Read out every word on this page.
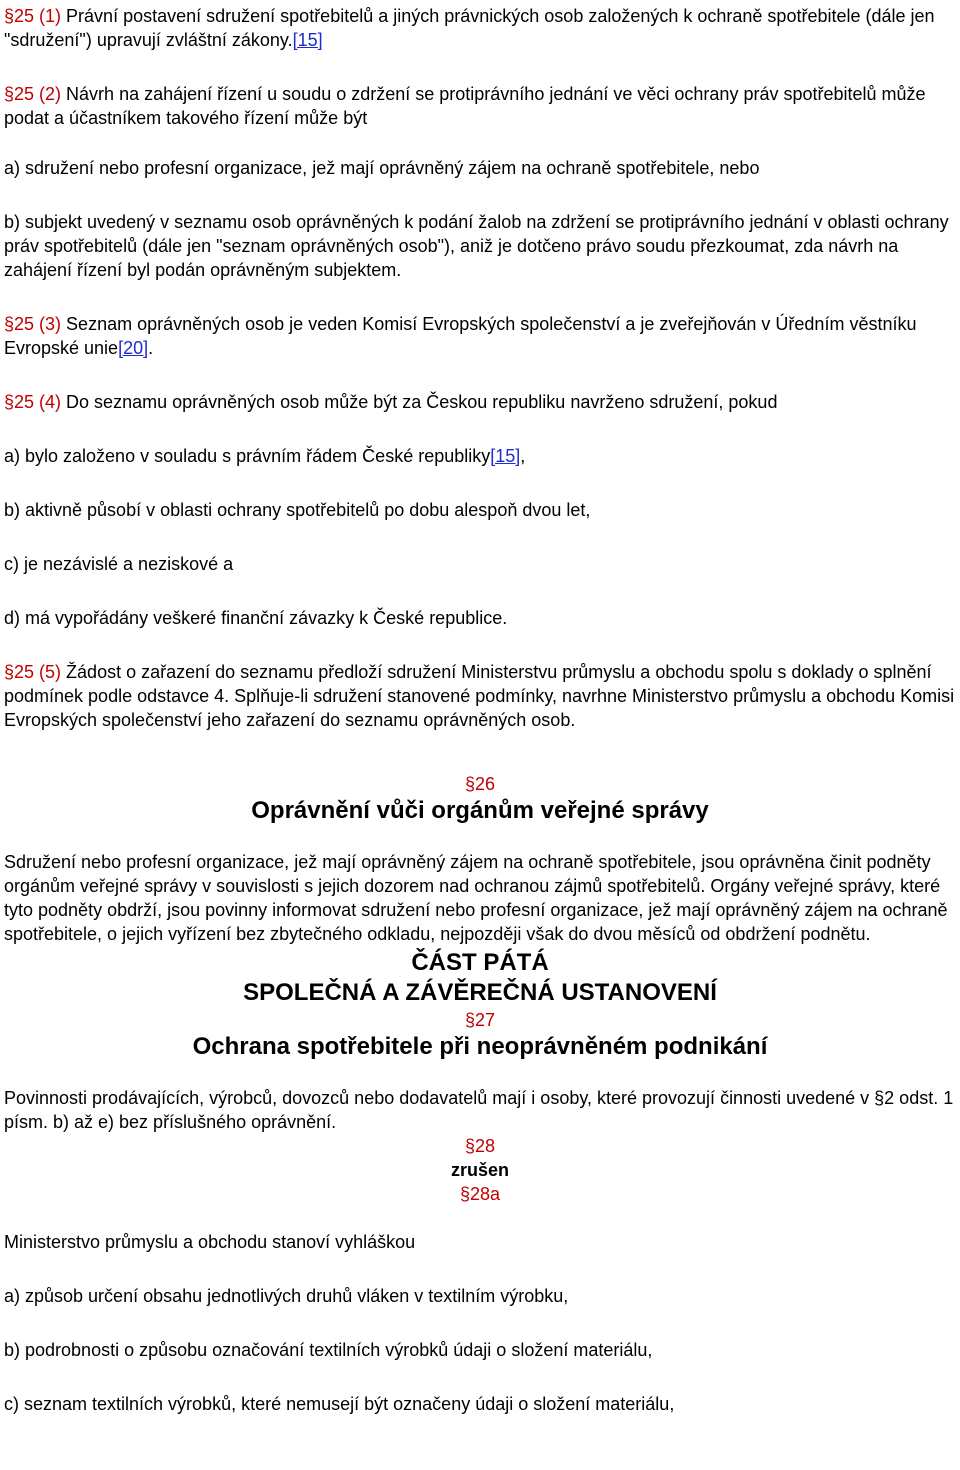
§25 (1) Právní postavení sdružení spotřebitelů a jiných právnických osob založených k ochraně spotřebitele (dále jen "sdružení") upravují zvláštní zákony.[15]

§25 (2) Návrh na zahájení řízení u soudu o zdržení se protiprávního jednání ve věci ochrany práv spotřebitelů může podat a účastníkem takového řízení může být

a) sdružení nebo profesní organizace, jež mají oprávněný zájem na ochraně spotřebitele, nebo

b) subjekt uvedený v seznamu osob oprávněných k podání žalob na zdržení se protiprávního jednání v oblasti ochrany práv spotřebitelů (dále jen "seznam oprávněných osob"), aniž je dotčeno právo soudu přezkoumat, zda návrh na zahájení řízení byl podán oprávněným subjektem.

§25 (3) Seznam oprávněných osob je veden Komisí Evropských společenství a je zveřejňován v Úředním věstníku Evropské unie[20].

§25 (4) Do seznamu oprávněných osob může být za Českou republiku navrženo sdružení, pokud

a) bylo založeno v souladu s právním řádem České republiky[15],

b) aktivně působí v oblasti ochrany spotřebitelů po dobu alespoň dvou let,

c) je nezávislé a neziskové a

d) má vypořádány veškeré finanční závazky k České republice.

§25 (5) Žádost o zařazení do seznamu předloží sdružení Ministerstvu průmyslu a obchodu spolu s doklady o splnění podmínek podle odstavce 4. Splňuje-li sdružení stanovené podmínky, navrhne Ministerstvo průmyslu a obchodu Komisi Evropských společenství jeho zařazení do seznamu oprávněných osob.

§26

Oprávnění vůči orgánům veřejné správy

Sdružení nebo profesní organizace, jež mají oprávněný zájem na ochraně spotřebitele, jsou oprávněna činit podněty orgánům veřejné správy v souvislosti s jejich dozorem nad ochranou zájmů spotřebitelů. Orgány veřejné správy, které tyto podněty obdrží, jsou povinny informovat sdružení nebo profesní organizace, jež mají oprávněný zájem na ochraně spotřebitele, o jejich vyřízení bez zbytečného odkladu, nejpozději však do dvou měsíců od obdržení podnětu.

ČÁST PÁTÁ

SPOLEČNÁ A ZÁVĚREČNÁ USTANOVENÍ

§27

Ochrana spotřebitele při neoprávněném podnikání

Povinnosti prodávajících, výrobců, dovozců nebo dodavatelů mají i osoby, které provozují činnosti uvedené v §2 odst. 1 písm. b) až e) bez příslušného oprávnění.

§28

zrušen

§28a

Ministerstvo průmyslu a obchodu stanoví vyhláškou

a) způsob určení obsahu jednotlivých druhů vláken v textilním výrobku,

b) podrobnosti o způsobu označování textilních výrobků údaji o složení materiálu,

c) seznam textilních výrobků, které nemusejí být označeny údaji o složení materiálu,
